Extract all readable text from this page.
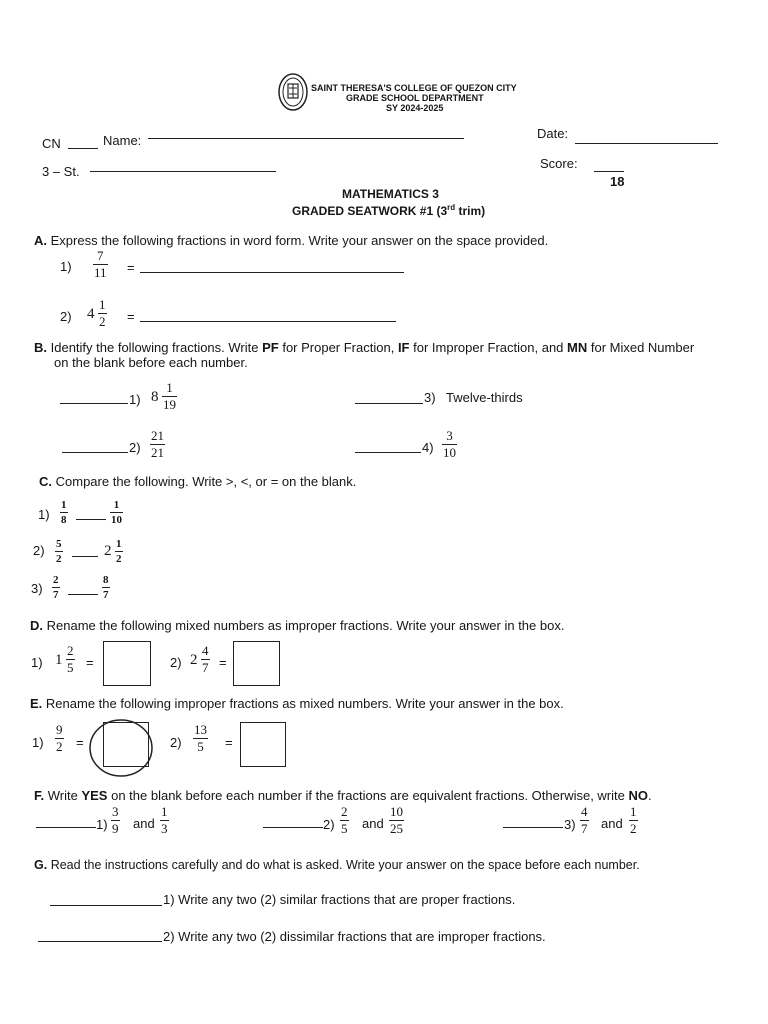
SAINT THERESA'S COLLEGE OF QUEZON CITY
GRADE SCHOOL DEPARTMENT
SY 2024-2025
CN	Name:	Date:
3 – St.
Score:
18
MATHEMATICS 3
GRADED SEATWORK #1 (3rd trim)
A. Express the following fractions in word form. Write your answer on the space provided.
1)
7
11 =
2) 4
1
2 =
B. Identify the following fractions. Write PF for Proper Fraction, IF for Improper Fraction, and MN for Mixed Number
on the blank before each number.
1) 8
1
19	3) Twelve-thirds
2)
21
21	4)
3
10
C. Compare the following. Write >, <, or = on the blank.
1)
1
8
1
10
2) 5
2	2 1
2
3)
2
7
8
7
D. Rename the following mixed numbers as improper fractions. Write your answer in the box.
1) 1
2
5 =	2) 2
4
7 =
E. Rename the following improper fractions as mixed numbers. Write your answer in the box.
1)
9
2 =	2)
13
5 =
F. Write YES on the blank before each number if the fractions are equivalent fractions. Otherwise, write NO.
1)
3
9 and
1
3	2)
2
5 and
10
25	3)
4
7 and
1
2
G. Read the instructions carefully and do what is asked. Write your answer on the space before each number.
1) Write any two (2) similar fractions that are proper fractions.
2) Write any two (2) dissimilar fractions that are improper fractions.
